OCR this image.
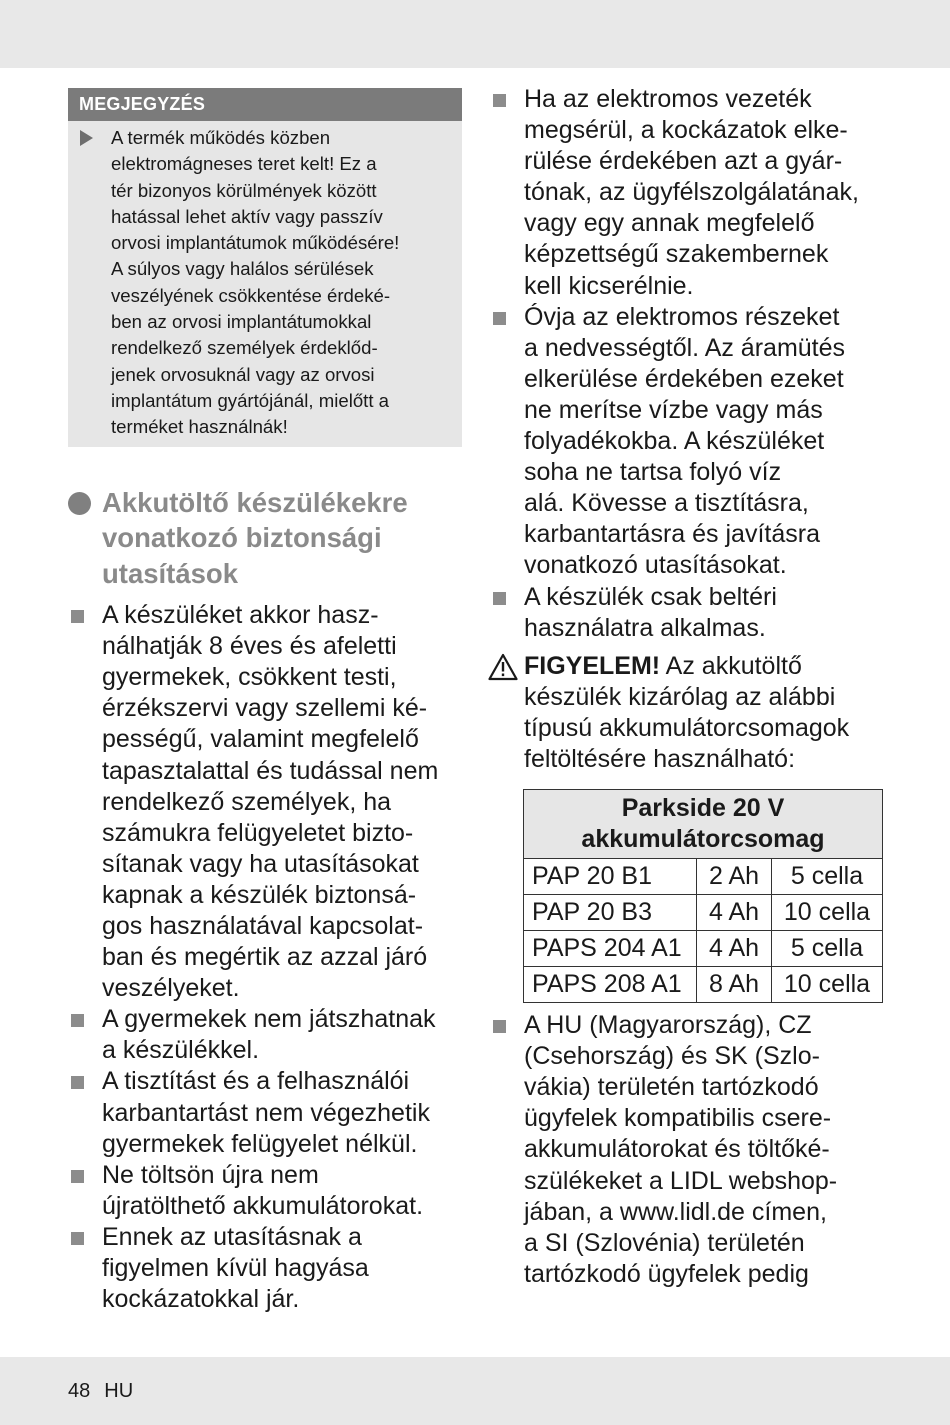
MEGJEGYZÉS
A termék működés közben
elektromágneses teret kelt! Ez a
tér bizonyos körülmények között
hatással lehet aktív vagy passzív
orvosi implantátumok működésére!
A súlyos vagy halálos sérülések
veszélyének csökkentése érdeké-
ben az orvosi implantátumokkal
rendelkező személyek érdeklőd-
jenek orvosuknál vagy az orvosi
implantátum gyártójánál, mielőtt a
terméket használnák!
Akkutöltő készülékekre
vonatkozó biztonsági
utasítások
A készüléket akkor hasz-
nálhatják 8 éves és afeletti
gyermekek, csökkent testi,
érzékszervi vagy szellemi ké-
pességű, valamint megfelelő
tapasztalattal és tudással nem
rendelkező személyek, ha
számukra felügyeletet bizto-
sítanak vagy ha utasításokat
kapnak a készülék biztonsá-
gos használatával kapcsolat-
ban és megértik az azzal járó
veszélyeket.
A gyermekek nem játszhatnak
a készülékkel.
A tisztítást és a felhasználói
karbantartást nem végezhetik
gyermekek felügyelet nélkül.
Ne töltsön újra nem
újratölthető akkumulátorokat.
Ennek az utasításnak a
figyelmen kívül hagyása
kockázatokkal jár.
Ha az elektromos vezeték
megsérül, a kockázatok elke-
rülése érdekében azt a gyár-
tónak, az ügyfélszolgálatának,
vagy egy annak megfelelő
képzettségű szakembernek
kell kicserélnie.
Óvja az elektromos részeket
a nedvességtől. Az áramütés
elkerülése érdekében ezeket
ne merítse vízbe vagy más
folyadékokba. A készüléket
soha ne tartsa folyó víz
alá. Kövesse a tisztításra,
karbantartásra és javításra
vonatkozó utasításokat.
A készülék csak beltéri
használatra alkalmas.
FIGYELEM! Az akkutöltő
készülék kizárólag az alábbi
típusú akkumulátorcsomagok
feltöltésére használható:
Parkside 20 V
akkumulátorcsomag		

PAP 20 B1	2 Ah	5 cella
PAP 20 B3	4 Ah	10 cella
PAPS 204 A1	4 Ah	5 cella
PAPS 208 A1	8 Ah	10 cella
A HU (Magyarország), CZ
(Csehország) és SK (Szlo-
vákia) területén tartózkodó
ügyfelek kompatibilis csere-
akkumulátorokat és töltőké-
szülékeket a LIDL webshop-
jában, a www.lidl.de címen,
a SI (Szlovénia) területén
tartózkodó ügyfelek pedig
48 HU
